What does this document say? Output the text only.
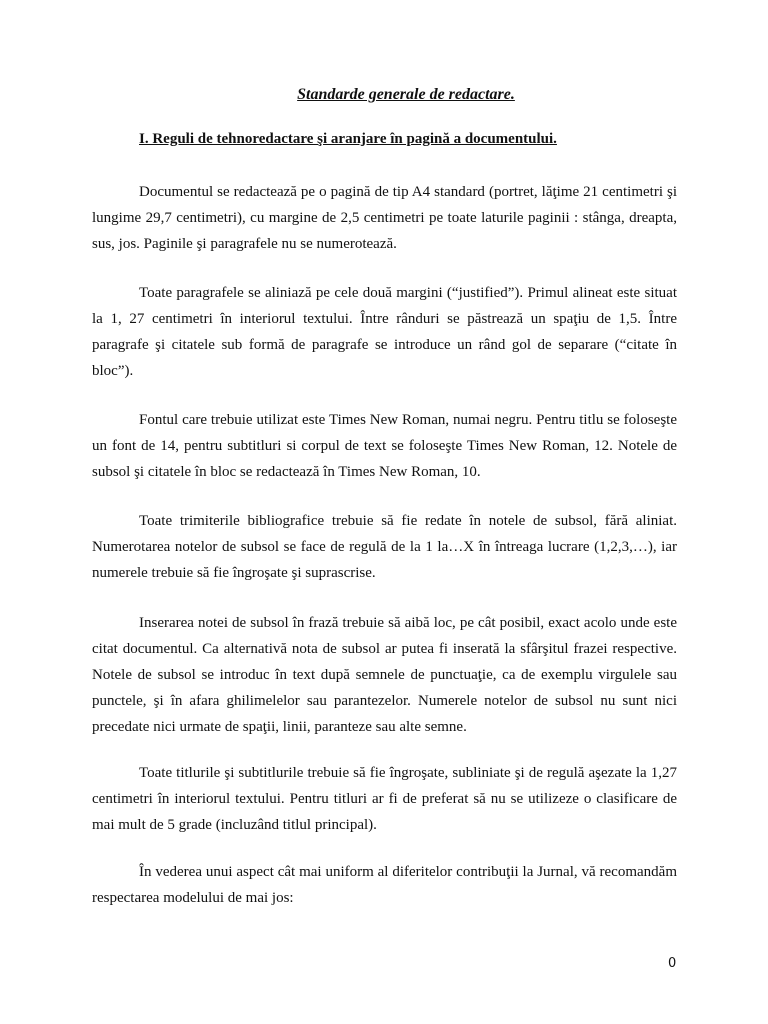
Standarde generale de redactare.

I. Reguli de tehnoredactare şi aranjare în pagină a documentului.

Documentul se redactează pe o pagină de tip A4 standard (portret, lăţime 21 centimetri şi lungime 29,7 centimetri), cu margine de 2,5 centimetri pe toate laturile paginii : stânga, dreapta, sus, jos. Paginile şi paragrafele nu se numerotează.

Toate paragrafele se aliniază pe cele două margini (“justified”). Primul alineat este situat la 1, 27 centimetri în interiorul textului. Între rânduri se păstrează un spaţiu de 1,5. Între paragrafe şi citatele sub formă de paragrafe se introduce un rând gol de separare (“citate în bloc”).

Fontul care trebuie utilizat este Times New Roman, numai negru. Pentru titlu se foloseşte un font de 14, pentru subtitluri si corpul de text se foloseşte Times New Roman, 12. Notele de subsol şi citatele în bloc se redactează în Times New Roman, 10.

Toate trimiterile bibliografice trebuie să fie redate în notele de subsol, fără aliniat. Numerotarea notelor de subsol se face de regulă de la 1 la…X în întreaga lucrare (1,2,3,…), iar numerele trebuie să fie îngroşate şi suprascrise.

Inserarea notei de subsol în frază trebuie să aibă loc, pe cât posibil, exact acolo unde este citat documentul. Ca alternativă nota de subsol ar putea fi inserată la sfârşitul frazei respective. Notele de subsol se introduc în text după semnele de punctuaţie, ca de exemplu virgulele sau punctele, şi în afara ghilimelelor sau parantezelor. Numerele notelor de subsol nu sunt nici precedate nici urmate de spaţii, linii, paranteze sau alte semne.

Toate titlurile şi subtitlurile trebuie să fie îngroşate, subliniate şi de regulă aşezate la 1,27 centimetri în interiorul textului. Pentru titluri ar fi de preferat să nu se utilizeze o clasificare de mai mult de 5 grade (incluzând titlul principal).

În vederea unui aspect cât mai uniform al diferitelor contribuţii la Jurnal, vă recomandăm respectarea modelului de mai jos:

0
